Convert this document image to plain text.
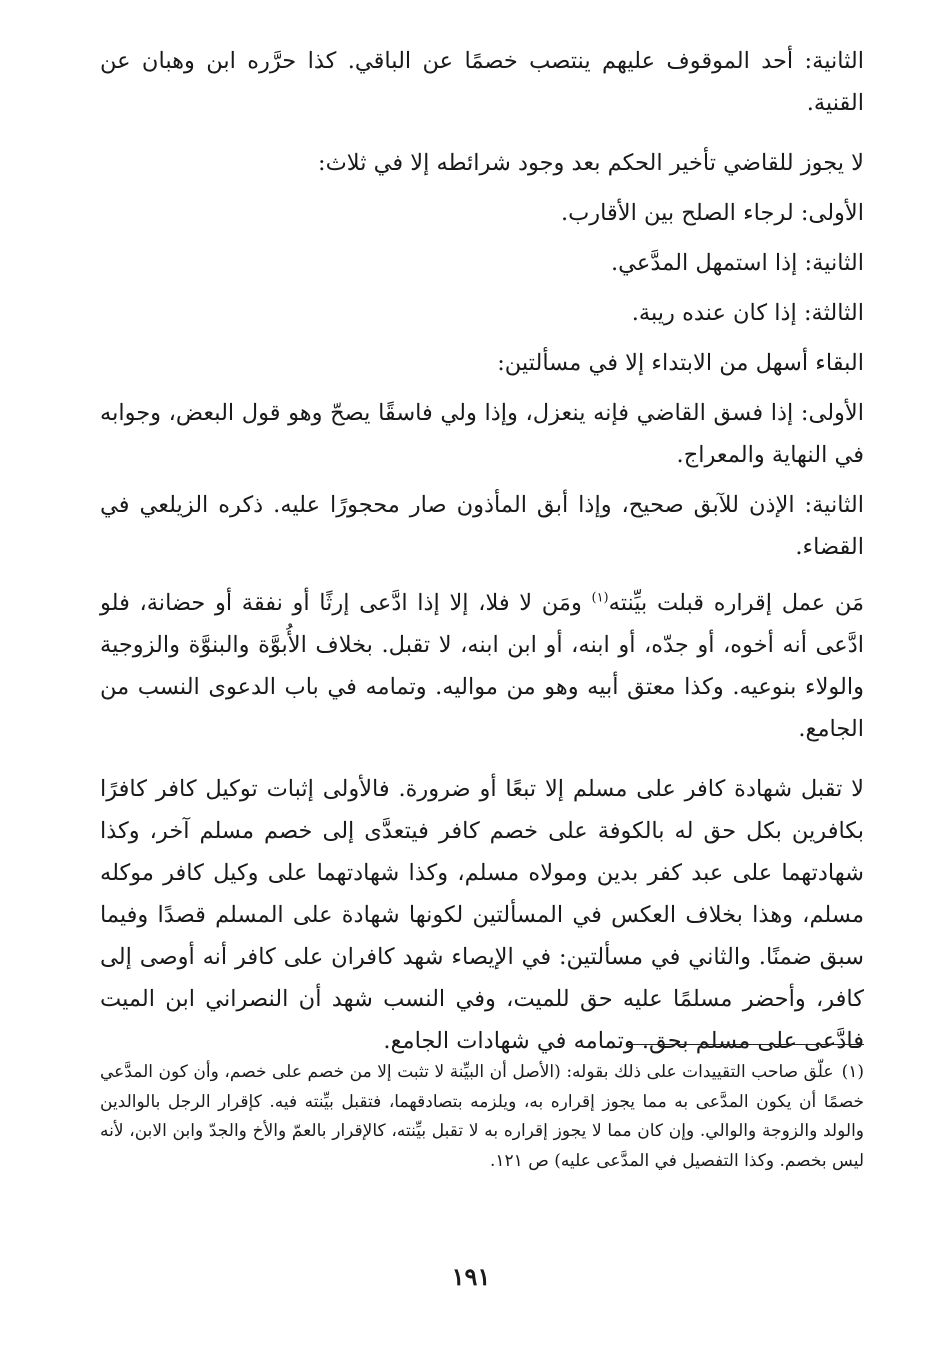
الثانية: أحد الموقوف عليهم ينتصب خصمًا عن الباقي. كذا حرَّره ابن وهبان عن القنية.

لا يجوز للقاضي تأخير الحكم بعد وجود شرائطه إلا في ثلاث:

الأولى: لرجاء الصلح بين الأقارب.

الثانية: إذا استمهل المدَّعي.

الثالثة: إذا كان عنده ريبة.

البقاء أسهل من الابتداء إلا في مسألتين:

الأولى: إذا فسق القاضي فإنه ينعزل، وإذا ولي فاسقًا يصحّ وهو قول البعض، وجوابه في النهاية والمعراج.

الثانية: الإذن للآبق صحيح، وإذا أبق المأذون صار محجورًا عليه. ذكره الزيلعي في القضاء.

مَن عمل إقراره قبلت بيِّنته$^{(١)}$ ومَن لا فلا، إلا إذا ادَّعى إرثًا أو نفقة أو حضانة، فلو ادَّعى أنه أخوه، أو جدّه، أو ابنه، أو ابن ابنه، لا تقبل. بخلاف الأُبوَّة والبنوَّة والزوجية والولاء بنوعيه. وكذا معتق أبيه وهو من مواليه. وتمامه في باب الدعوى النسب من الجامع.

لا تقبل شهادة كافر على مسلم إلا تبعًا أو ضرورة. فالأولى إثبات توكيل كافر كافرًا بكافرين بكل حق له بالكوفة على خصم كافر فيتعدَّى إلى خصم مسلم آخر، وكذا شهادتهما على عبد كفر بدين ومولاه مسلم، وكذا شهادتهما على وكيل كافر موكله مسلم، وهذا بخلاف العكس في المسألتين لكونها شهادة على المسلم قصدًا وفيما سبق ضمنًا. والثاني في مسألتين: في الإيصاء شهد كافران على كافر أنه أوصى إلى كافر، وأحضر مسلمًا عليه حق للميت، وفي النسب شهد أن النصراني ابن الميت فادَّعى على مسلم بحق. وتمامه في شهادات الجامع.

(١)علّق صاحب التقييدات على ذلك بقوله: (الأصل أن البيِّنة لا تثبت إلا من خصم على خصم، وأن كون المدَّعي خصمًا أن يكون المدَّعى به مما يجوز إقراره به، ويلزمه بتصادقهما، فتقبل بيِّنته فيه. كإقرار الرجل بالوالدين والولد والزوجة والوالي. وإن كان مما لا يجوز إقراره به لا تقبل بيِّنته، كالإقرار بالعمّ والأخ والجدّ وابن الابن، لأنه ليس بخصم. وكذا التفصيل في المدَّعى عليه) ص ١٢١.

١٩١
